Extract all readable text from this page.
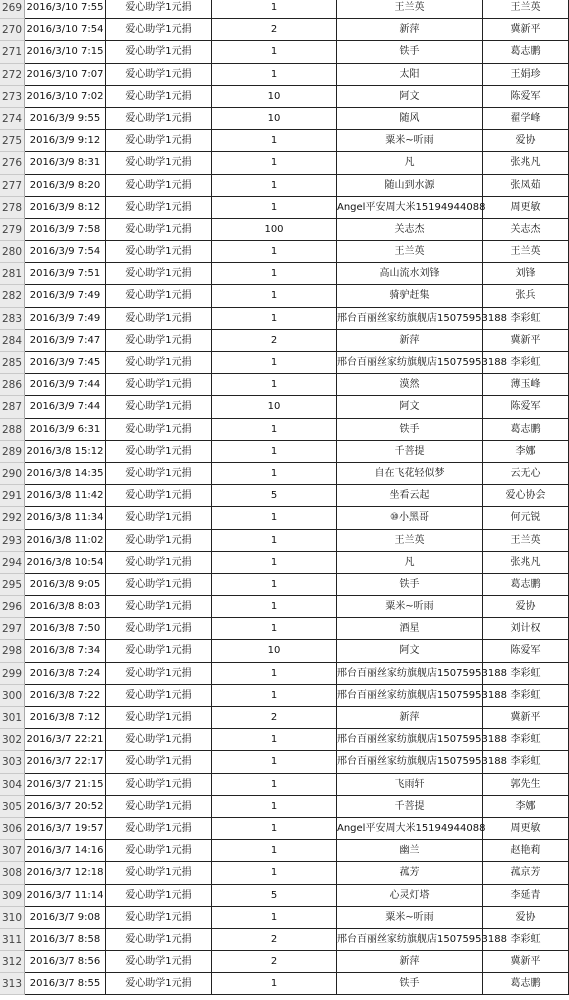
269 2016/3/10 7:55	爱心助学1元捐	1	王兰英	王兰英
270 2016/3/10 7:54	爱心助学1元捐	2	新萍	冀新平
271 2016/3/10 7:15	爱心助学1元捐	1	铁手	葛志鹏
272 2016/3/10 7:07	爱心助学1元捐	1	太阳	王娟珍
273 2016/3/10 7:02	爱心助学1元捐	10	阿文	陈爱军
274 2016/3/9 9:55	爱心助学1元捐	10	随风	翟学峰
275 2016/3/9 9:12	爱心助学1元捐	1	粟米~听雨	爱协
276 2016/3/9 8:31	爱心助学1元捐	1	凡	张兆凡
277 2016/3/9 8:20	爱心助学1元捐	1	随山到水源	张凤茹
278 2016/3/9 8:12	爱心助学1元捐	1	Angel平安周大米15194944088	周更敏
279 2016/3/9 7:58	爱心助学1元捐	100	关志杰	关志杰
280 2016/3/9 7:54	爱心助学1元捐	1	王兰英	王兰英
281 2016/3/9 7:51	爱心助学1元捐	1	高山流水刘锋	刘锋
282 2016/3/9 7:49	爱心助学1元捐	1	骑驴赶集	张兵
283 2016/3/9 7:49	爱心助学1元捐	1	邢台百丽丝家纺旗舰店15075953188 李彩虹
284 2016/3/9 7:47	爱心助学1元捐	2	新萍	冀新平
285 2016/3/9 7:45	爱心助学1元捐	1	邢台百丽丝家纺旗舰店15075953188 李彩虹
286 2016/3/9 7:44	爱心助学1元捐	1	漠然	薄玉峰
287 2016/3/9 7:44	爱心助学1元捐	10	阿文	陈爱军
288 2016/3/9 6:31	爱心助学1元捐	1	铁手	葛志鹏
289 2016/3/8 15:12	爱心助学1元捐	1	千菩提	李娜
290 2016/3/8 14:35	爱心助学1元捐	1	自在飞花轻似梦	云无心
291 2016/3/8 11:42	爱心助学1元捐	5	坐看云起	爱心协会
292 2016/3/8 11:34	爱心助学1元捐	1	⑩小黑哥	何元锐
293 2016/3/8 11:02	爱心助学1元捐	1	王兰英	王兰英
294 2016/3/8 10:54	爱心助学1元捐	1	凡	张兆凡
295 2016/3/8 9:05	爱心助学1元捐	1	铁手	葛志鹏
296 2016/3/8 8:03	爱心助学1元捐	1	粟米~听雨	爱协
297 2016/3/8 7:50	爱心助学1元捐	1	酒星	刘计权
298 2016/3/8 7:34	爱心助学1元捐	10	阿文	陈爱军
299 2016/3/8 7:24	爱心助学1元捐	1	邢台百丽丝家纺旗舰店15075953188 李彩虹
300 2016/3/8 7:22	爱心助学1元捐	1	邢台百丽丝家纺旗舰店15075953188 李彩虹
301 2016/3/8 7:12	爱心助学1元捐	2	新萍	冀新平
302 2016/3/7 22:21	爱心助学1元捐	1	邢台百丽丝家纺旗舰店15075953188 李彩虹
303 2016/3/7 22:17	爱心助学1元捐	1	邢台百丽丝家纺旗舰店15075953188 李彩虹
304 2016/3/7 21:15	爱心助学1元捐	1	飞雨轩	郭先生
305 2016/3/7 20:52	爱心助学1元捐	1	千菩提	李娜
306 2016/3/7 19:57	爱心助学1元捐	1	Angel平安周大米15194944088	周更敏
307 2016/3/7 14:16	爱心助学1元捐	1	幽兰	赵艳莉
308 2016/3/7 12:18	爱心助学1元捐	1	菰芳	菰京芳
309 2016/3/7 11:14	爱心助学1元捐	5	心灵灯塔	李延青
310 2016/3/7 9:08	爱心助学1元捐	1	粟米~听雨	爱协
311 2016/3/7 8:58	爱心助学1元捐	2	邢台百丽丝家纺旗舰店15075953188 李彩虹
312 2016/3/7 8:56	爱心助学1元捐	2	新萍	冀新平
313 2016/3/7 8:55	爱心助学1元捐	1	铁手	葛志鹏
